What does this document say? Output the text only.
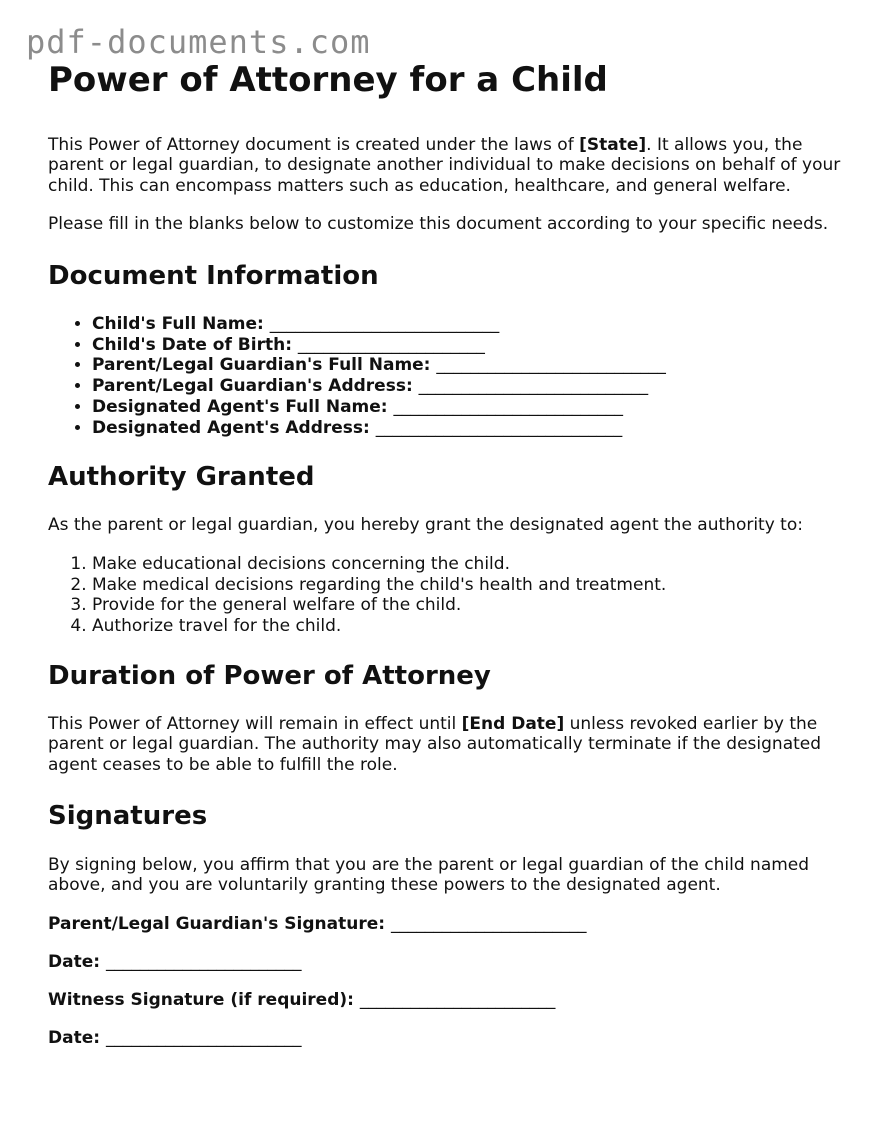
pdf-documents.com
Power of Attorney for a Child

This Power of Attorney document is created under the laws of [State]. It allows you, the parent or legal guardian, to designate another individual to make decisions on behalf of your child. This can encompass matters such as education, healthcare, and general welfare.

Please fill in the blanks below to customize this document according to your specific needs.

Document Information
• Child's Full Name: ___________________________
• Child's Date of Birth: ______________________
• Parent/Legal Guardian's Full Name: ___________________________
• Parent/Legal Guardian's Address: ___________________________
• Designated Agent's Full Name: ___________________________
• Designated Agent's Address: _____________________________
Authority Granted

As the parent or legal guardian, you hereby grant the designated agent the authority to:

1. Make educational decisions concerning the child.
2. Make medical decisions regarding the child's health and treatment.
3. Provide for the general welfare of the child.
4. Authorize travel for the child.
Duration of Power of Attorney

This Power of Attorney will remain in effect until [End Date] unless revoked earlier by the parent or legal guardian. The authority may also automatically terminate if the designated agent ceases to be able to fulfill the role.

Signatures

By signing below, you affirm that you are the parent or legal guardian of the child named above, and you are voluntarily granting these powers to the designated agent.

Parent/Legal Guardian's Signature: _______________________
Date: _______________________
Witness Signature (if required): _______________________
Date: _______________________
